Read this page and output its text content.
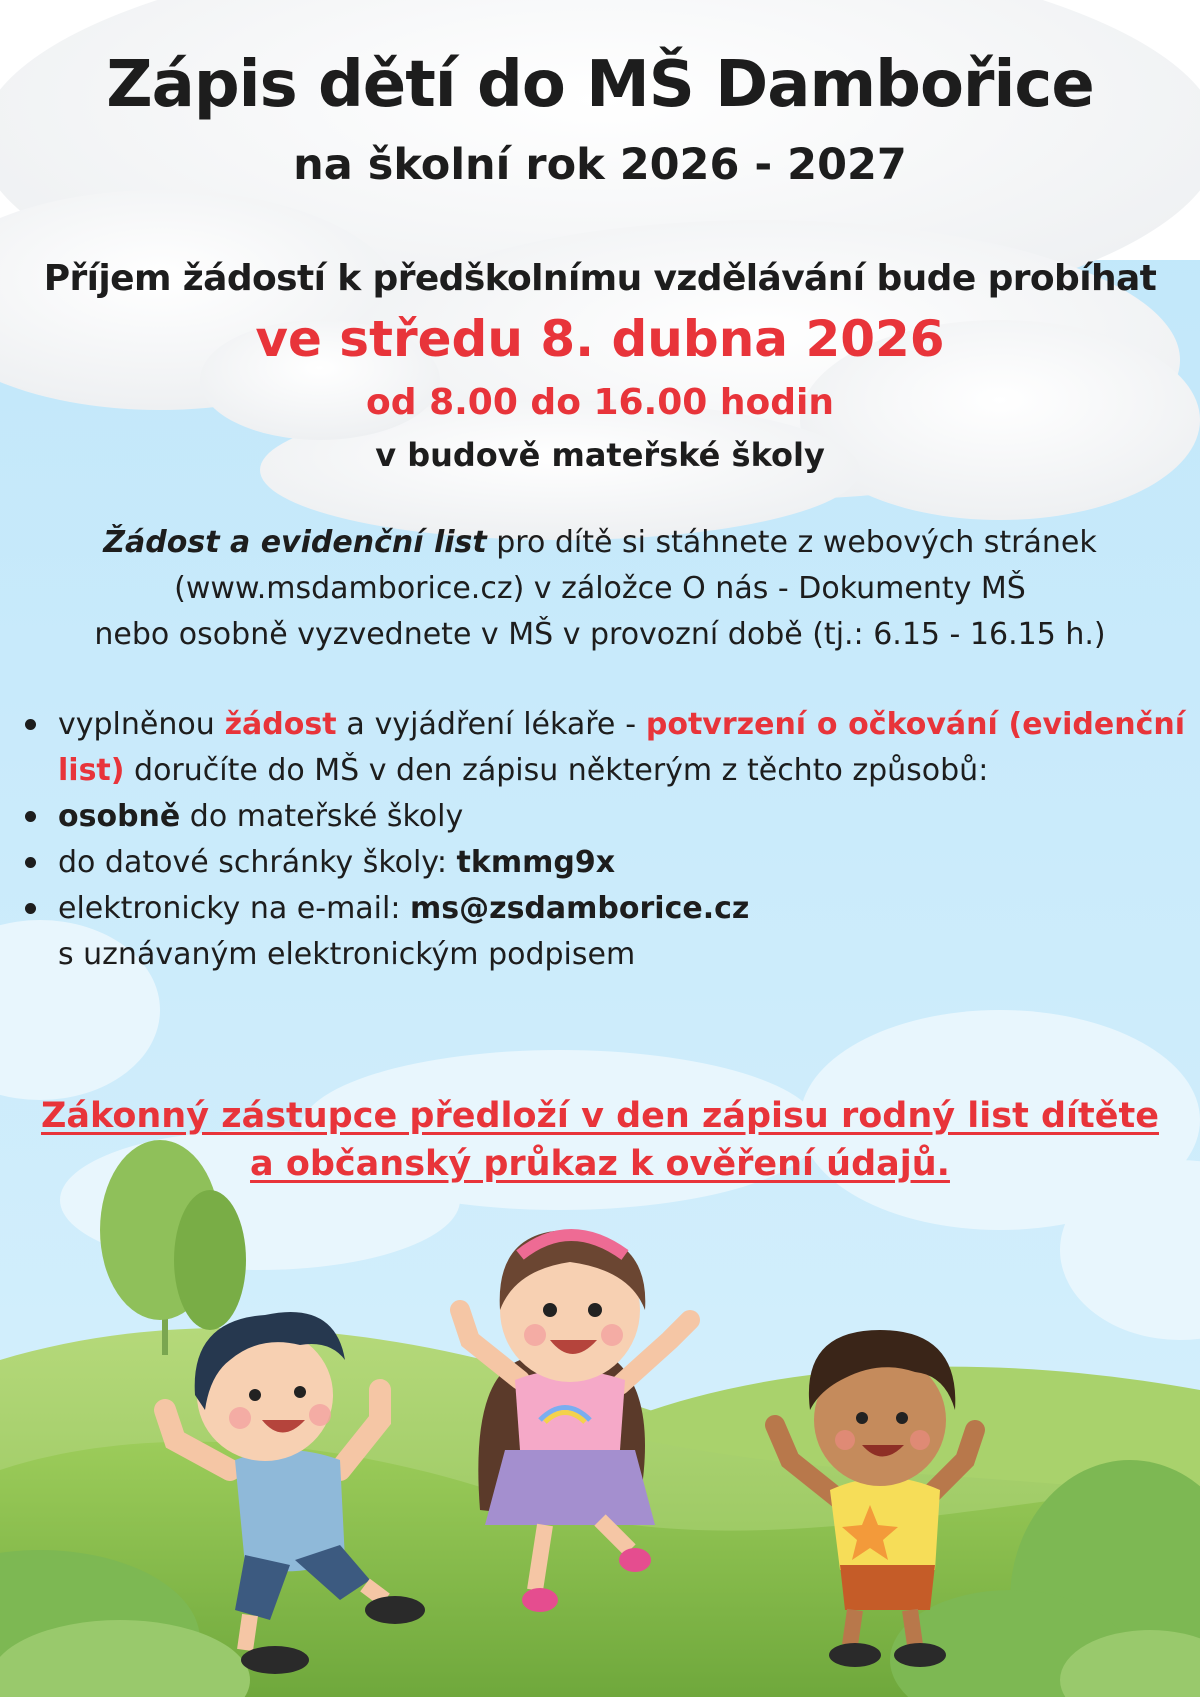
Zápis dětí do MŠ Dambořice
na školní rok 2026 - 2027
Příjem žádostí k předškolnímu vzdělávání bude probíhat
ve středu 8. dubna 2026
od 8.00 do 16.00 hodin
v budově mateřské školy
Žádost a evidenční list pro dítě si stáhnete z webových stránek
(www.msdamborice.cz) v záložce O nás - Dokumenty MŠ
nebo osobně vyzvednete v MŠ v provozní době (tj.: 6.15 - 16.15 h.)
vyplněnou žádost a vyjádření lékaře - potvrzení o očkování (evidenční list) doručíte do MŠ v den zápisu některým z těchto způsobů:
osobně do mateřské školy
do datové schránky školy: tkmmg9x
elektronicky na e-mail: ms@zsdamborice.cz
s uznávaným elektronickým podpisem
Zákonný zástupce předloží v den zápisu rodný list dítěte
a občanský průkaz k ověření údajů.
